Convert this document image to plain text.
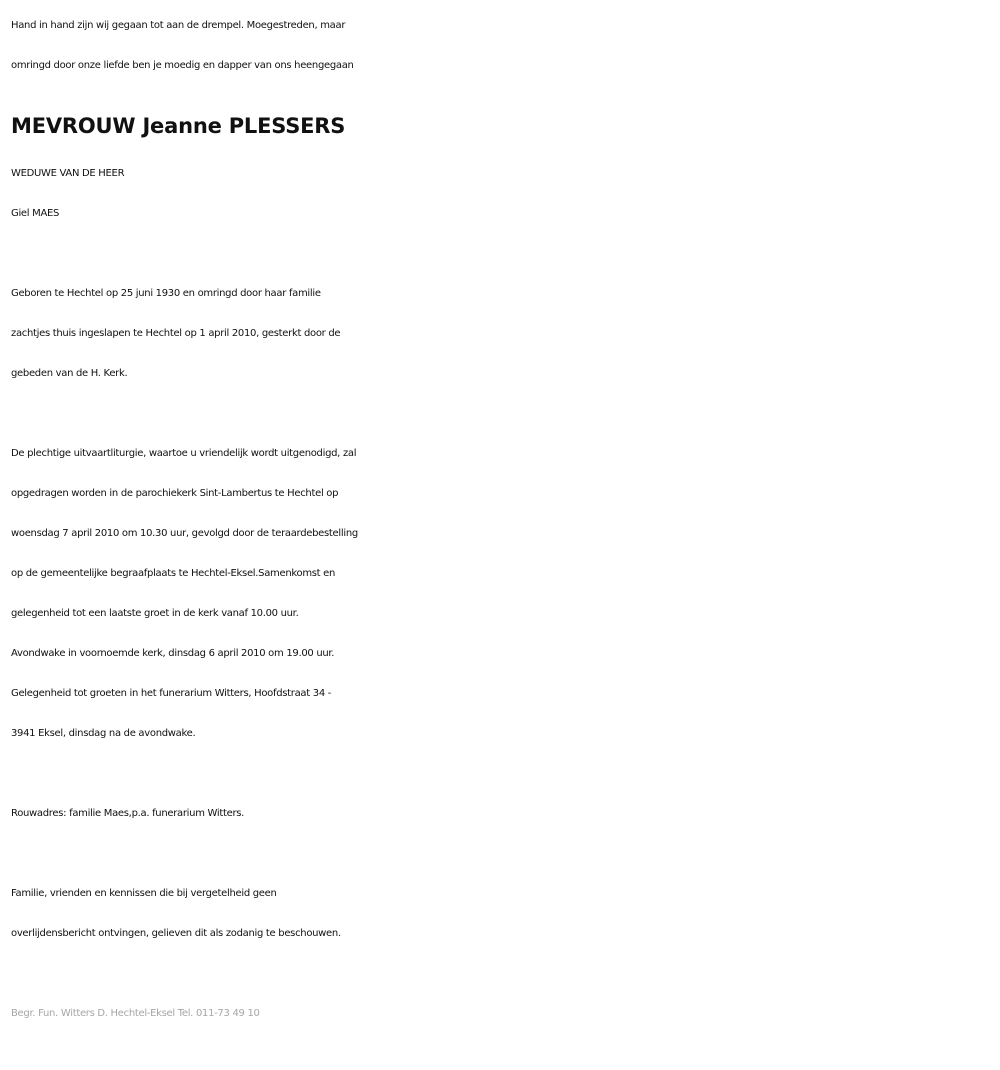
Hand in hand zijn wij gegaan tot aan de drempel. Moegestreden, maar
omringd door onze liefde ben je moedig en dapper van ons heengegaan
MEVROUW Jeanne PLESSERS
WEDUWE VAN DE HEER
Giel MAES
Geboren te Hechtel op 25 juni 1930 en omringd door haar familie
zachtjes thuis ingeslapen te Hechtel op 1 april 2010, gesterkt door de
gebeden van de H. Kerk.
De plechtige uitvaartliturgie, waartoe u vriendelijk wordt uitgenodigd, zal
opgedragen worden in de parochiekerk Sint-Lambertus te Hechtel op
woensdag 7 april 2010 om 10.30 uur, gevolgd door de teraardebestelling
op de gemeentelijke begraafplaats te Hechtel-Eksel.Samenkomst en
gelegenheid tot een laatste groet in de kerk vanaf 10.00 uur.
Avondwake in voornoemde kerk, dinsdag 6 april 2010 om 19.00 uur.
Gelegenheid tot groeten in het funerarium Witters, Hoofdstraat 34 -
3941 Eksel, dinsdag na de avondwake.
Rouwadres: familie Maes,p.a. funerarium Witters.
Familie, vrienden en kennissen die bij vergetelheid geen
overlijdensbericht ontvingen, gelieven dit als zodanig te beschouwen.
Begr. Fun. Witters D. Hechtel-Eksel Tel. 011-73 49 10
